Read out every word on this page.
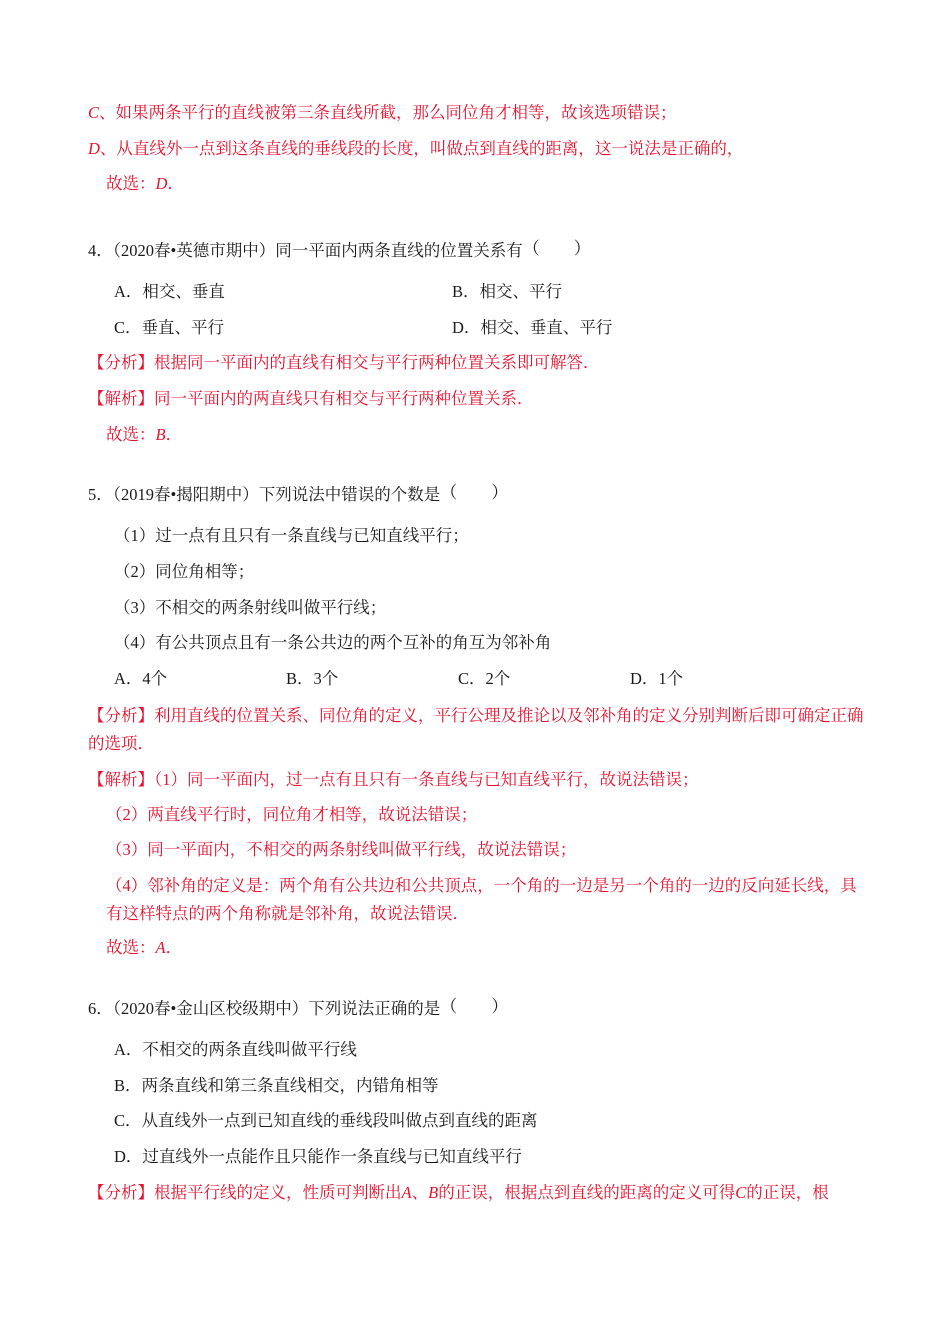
C、如果两条平行的直线被第三条直线所截，那么同位角才相等，故该选项错误；
D、从直线外一点到这条直线的垂线段的长度，叫做点到直线的距离，这一说法是正确的，
故选：D．
4．（2020春•英德市期中）同一平面内两条直线的位置关系有（　　）
A．相交、垂直	B．相交、平行
C．垂直、平行	D．相交、垂直、平行
【分析】根据同一平面内的直线有相交与平行两种位置关系即可解答．
【解析】同一平面内的两直线只有相交与平行两种位置关系．
故选：B．
5．（2019春•揭阳期中）下列说法中错误的个数是（　　）
（1）过一点有且只有一条直线与已知直线平行；
（2）同位角相等；
（3）不相交的两条射线叫做平行线；
（4）有公共顶点且有一条公共边的两个互补的角互为邻补角
A．4个	B．3个	C．2个	D．1个
【分析】利用直线的位置关系、同位角的定义，平行公理及推论以及邻补角的定义分别判断后即可确定正确的选项．
【解析】（1）同一平面内，过一点有且只有一条直线与已知直线平行，故说法错误；
（2）两直线平行时，同位角才相等，故说法错误；
（3）同一平面内，不相交的两条射线叫做平行线，故说法错误；
（4）邻补角的定义是：两个角有公共边和公共顶点，一个角的一边是另一个角的一边的反向延长线，具有这样特点的两个角称就是邻补角，故说法错误．
故选：A．
6．（2020春•金山区校级期中）下列说法正确的是（　　）
A．不相交的两条直线叫做平行线
B．两条直线和第三条直线相交，内错角相等
C．从直线外一点到已知直线的垂线段叫做点到直线的距离
D．过直线外一点能作且只能作一条直线与已知直线平行
【分析】根据平行线的定义，性质可判断出A、B的正误，根据点到直线的距离的定义可得C的正误，根
